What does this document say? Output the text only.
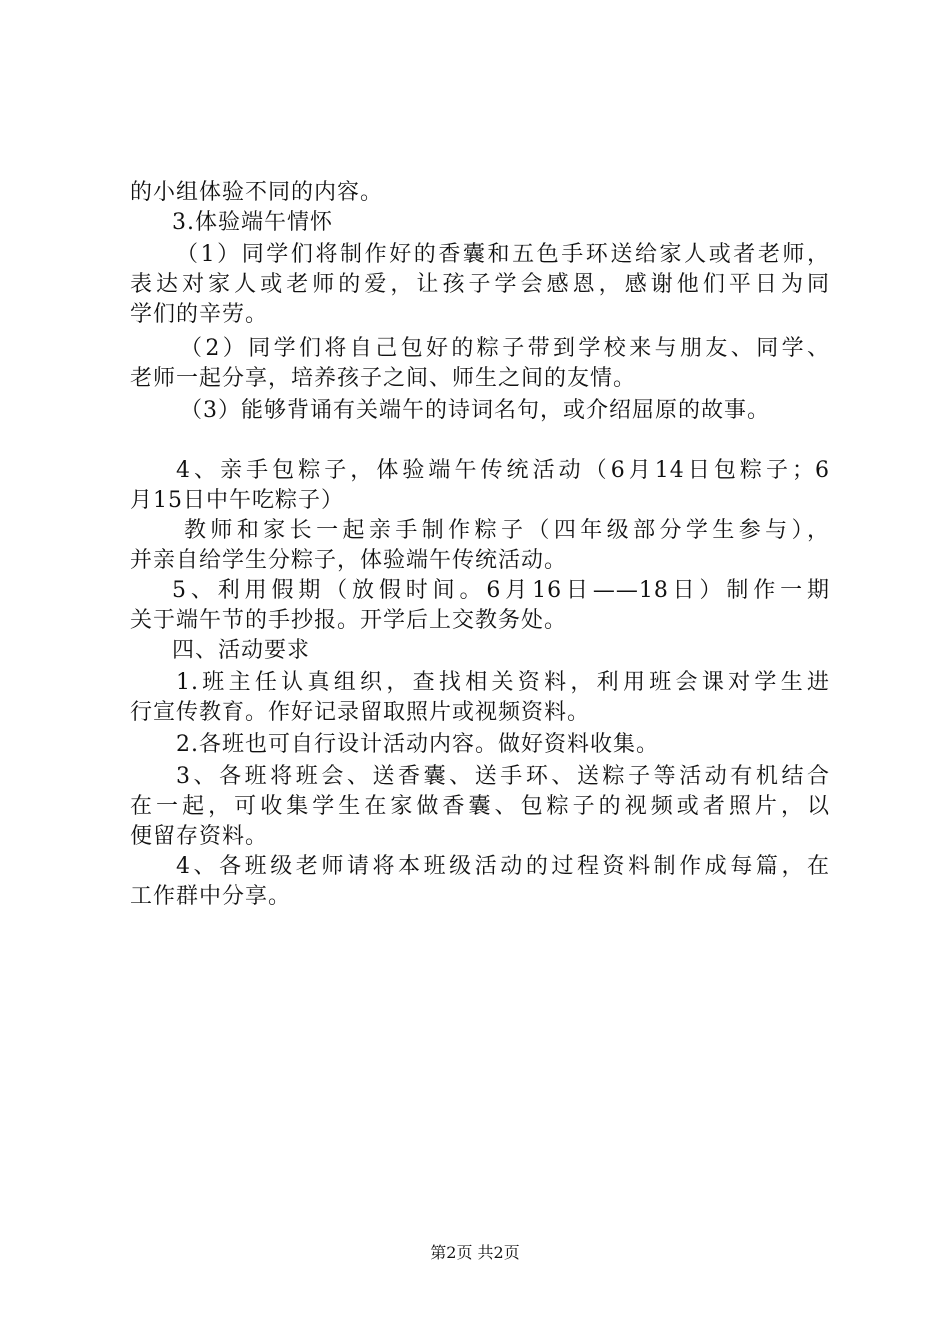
的小组体验不同的内容。
3.体验端午情怀
（1）同学们将制作好的香囊和五色手环送给家人或者老师，
表达对家人或老师的爱，让孩子学会感恩，感谢他们平日为同
学们的辛劳。
（2）同学们将自己包好的粽子带到学校来与朋友、同学、
老师一起分享，培养孩子之间、师生之间的友情。
（3）能够背诵有关端午的诗词名句，或介绍屈原的故事。
4、亲手包粽子，体验端午传统活动（6月14日包粽子；6
月15日中午吃粽子）
教师和家长一起亲手制作粽子（四年级部分学生参与），
并亲自给学生分粽子，体验端午传统活动。
5、利用假期（放假时间。6月16日——18日）制作一期
关于端午节的手抄报。开学后上交教务处。
四、活动要求
1.班主任认真组织，查找相关资料，利用班会课对学生进
行宣传教育。作好记录留取照片或视频资料。
2.各班也可自行设计活动内容。做好资料收集。
3、各班将班会、送香囊、送手环、送粽子等活动有机结合
在一起，可收集学生在家做香囊、包粽子的视频或者照片，以
便留存资料。
4、各班级老师请将本班级活动的过程资料制作成每篇，在
工作群中分享。
第2页 共2页
